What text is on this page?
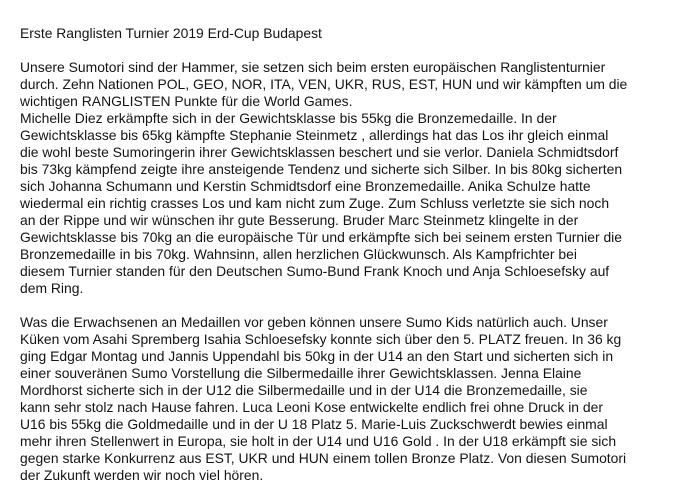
Erste Ranglisten Turnier 2019 Erd-Cup Budapest
Unsere Sumotori sind der Hammer, sie setzen sich beim ersten europäischen Ranglistenturnier
durch. Zehn Nationen POL, GEO, NOR, ITA, VEN, UKR, RUS, EST, HUN und wir kämpften um die
wichtigen RANGLISTEN Punkte für die World Games.
Michelle Diez erkämpfte sich in der Gewichtsklasse bis 55kg die Bronzemedaille. In der
Gewichtsklasse bis 65kg kämpfte Stephanie Steinmetz , allerdings hat das Los ihr gleich einmal
die wohl beste Sumoringerin ihrer Gewichtsklassen beschert und sie verlor. Daniela Schmidtsdorf
bis 73kg kämpfend zeigte ihre ansteigende Tendenz und sicherte sich Silber. In bis 80kg sicherten
sich Johanna Schumann und Kerstin Schmidtsdorf eine Bronzemedaille. Anika Schulze hatte
wiedermal ein richtig crasses Los und kam nicht zum Zuge. Zum Schluss verletzte sie sich noch
an der Rippe und wir wünschen ihr gute Besserung. Bruder Marc Steinmetz klingelte in der
Gewichtsklasse bis 70kg an die europäische Tür und erkämpfte sich bei seinem ersten Turnier die
Bronzemedaille in bis 70kg. Wahnsinn, allen herzlichen Glückwunsch. Als Kampfrichter bei
diesem Turnier standen für den Deutschen Sumo-Bund Frank Knoch und Anja Schloesefsky auf
dem Ring.
Was die Erwachsenen an Medaillen vor geben können unsere Sumo Kids natürlich auch. Unser
Küken vom Asahi Spremberg Isahia Schloesefsky konnte sich über den 5. PLATZ freuen. In 36 kg
ging Edgar Montag und Jannis Uppendahl bis 50kg in der U14 an den Start und sicherten sich in
einer souveränen Sumo Vorstellung die Silbermedaille ihrer Gewichtsklassen. Jenna Elaine
Mordhorst sicherte sich in der U12 die Silbermedaille und in der U14 die Bronzemedaille, sie
kann sehr stolz nach Hause fahren. Luca Leoni Kose entwickelte endlich frei ohne Druck in der
U16 bis 55kg die Goldmedaille und in der U 18 Platz 5. Marie-Luis Zuckschwerdt bewies einmal
mehr ihren Stellenwert in Europa, sie holt in der U14 und U16 Gold . In der U18 erkämpft sie sich
gegen starke Konkurrenz aus EST, UKR und HUN einem tollen Bronze Platz. Von diesen Sumotori
der Zukunft werden wir noch viel hören.
